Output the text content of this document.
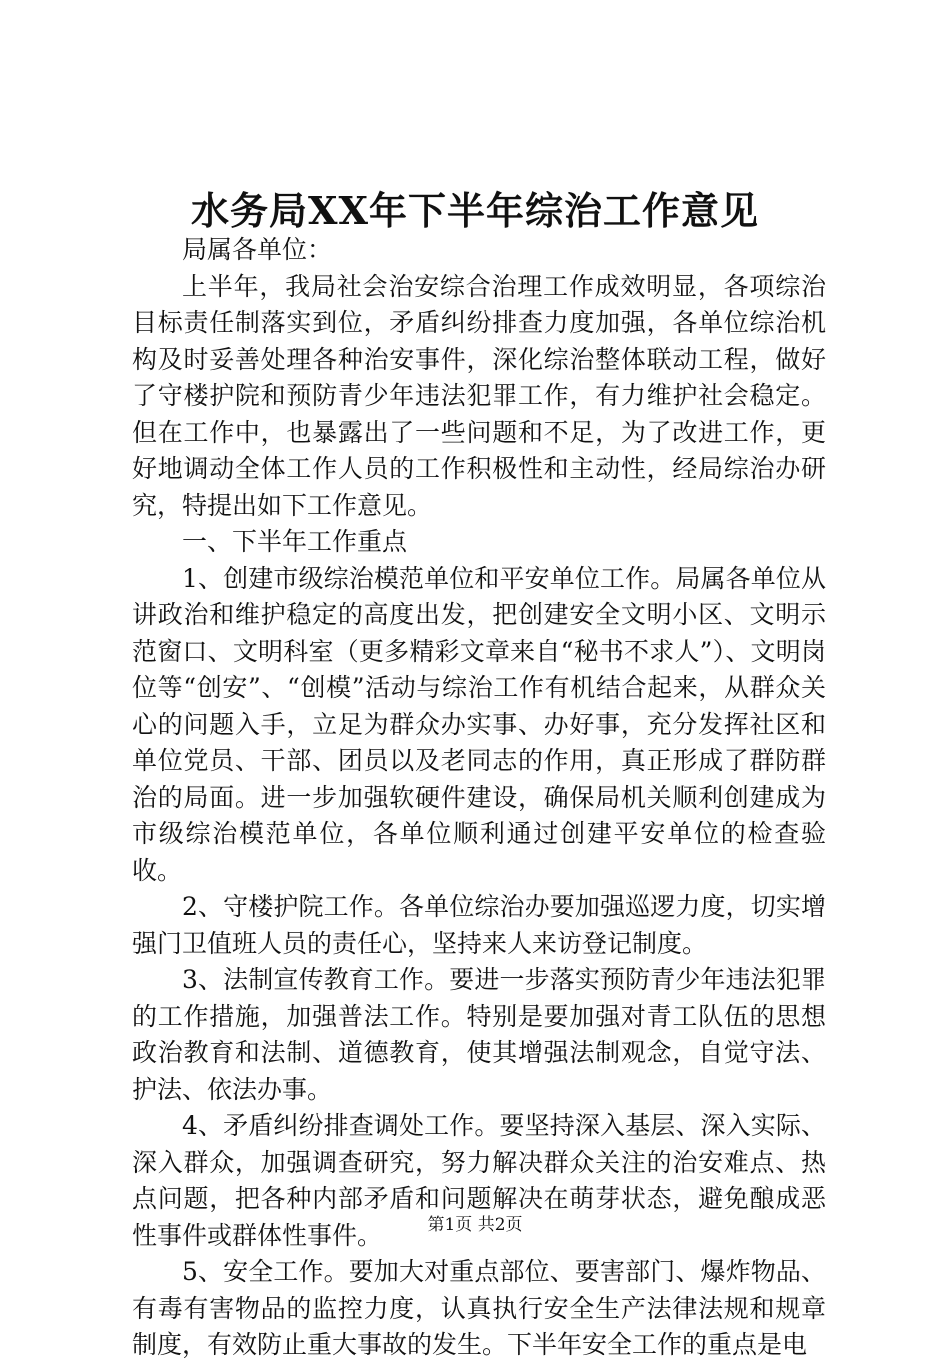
水务局XX年下半年综治工作意见

局属各单位：

上半年，我局社会治安综合治理工作成效明显，各项综治目标责任制落实到位，矛盾纠纷排查力度加强，各单位综治机构及时妥善处理各种治安事件，深化综治整体联动工程，做好了守楼护院和预防青少年违法犯罪工作，有力维护社会稳定。但在工作中，也暴露出了一些问题和不足，为了改进工作，更好地调动全体工作人员的工作积极性和主动性，经局综治办研究，特提出如下工作意见。

一、下半年工作重点

1、创建市级综治模范单位和平安单位工作。局属各单位从讲政治和维护稳定的高度出发，把创建安全文明小区、文明示范窗口、文明科室（更多精彩文章来自“秘书不求人”）、文明岗位等“创安”、“创模”活动与综治工作有机结合起来，从群众关心的问题入手，立足为群众办实事、办好事，充分发挥社区和单位党员、干部、团员以及老同志的作用，真正形成了群防群治的局面。进一步加强软硬件建设，确保局机关顺利创建成为市级综治模范单位，各单位顺利通过创建平安单位的检查验收。

2、守楼护院工作。各单位综治办要加强巡逻力度，切实增强门卫值班人员的责任心，坚持来人来访登记制度。

3、法制宣传教育工作。要进一步落实预防青少年违法犯罪的工作措施，加强普法工作。特别是要加强对青工队伍的思想政治教育和法制、道德教育，使其增强法制观念，自觉守法、护法、依法办事。

4、矛盾纠纷排查调处工作。要坚持深入基层、深入实际、深入群众，加强调查研究，努力解决群众关注的治安难点、热点问题，把各种内部矛盾和问题解决在萌芽状态，避免酿成恶性事件或群体性事件。

5、安全工作。要加大对重点部位、要害部门、爆炸物品、有毒有害物品的监控力度，认真执行安全生产法律法规和规章制度，有效防止重大事故的发生。下半年安全工作的重点是电

第1页 共2页
